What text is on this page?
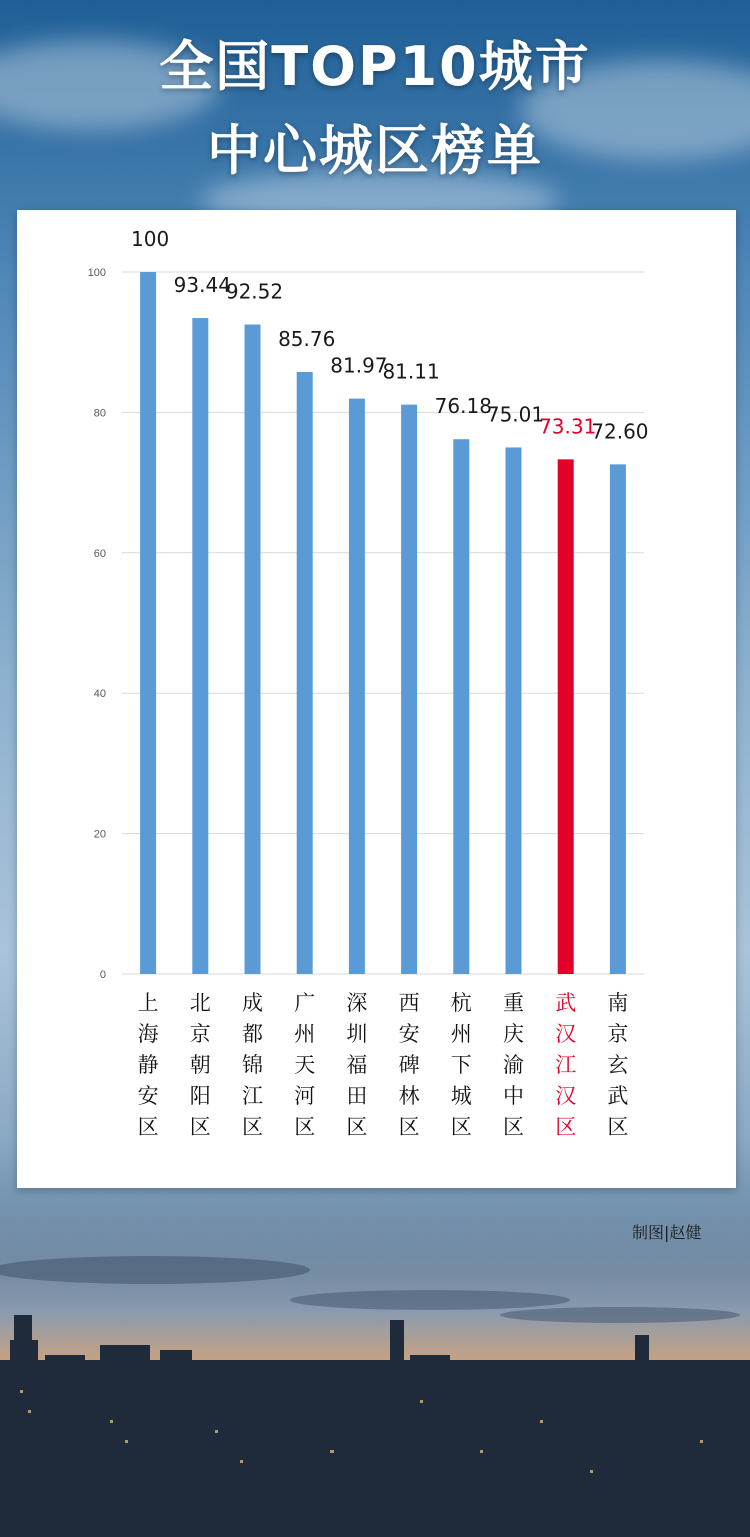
全国TOP10城市
中心城区榜单
0
20
40
60
80
100
100
上海静安区
93.44
北京朝阳区
92.52
成都锦江区
85.76
广州天河区
81.97
深圳福田区
81.11
西安碑林区
76.18
杭州下城区
75.01
重庆渝中区
73.31
武汉江汉区
72.60
南京玄武区
制图|赵健
